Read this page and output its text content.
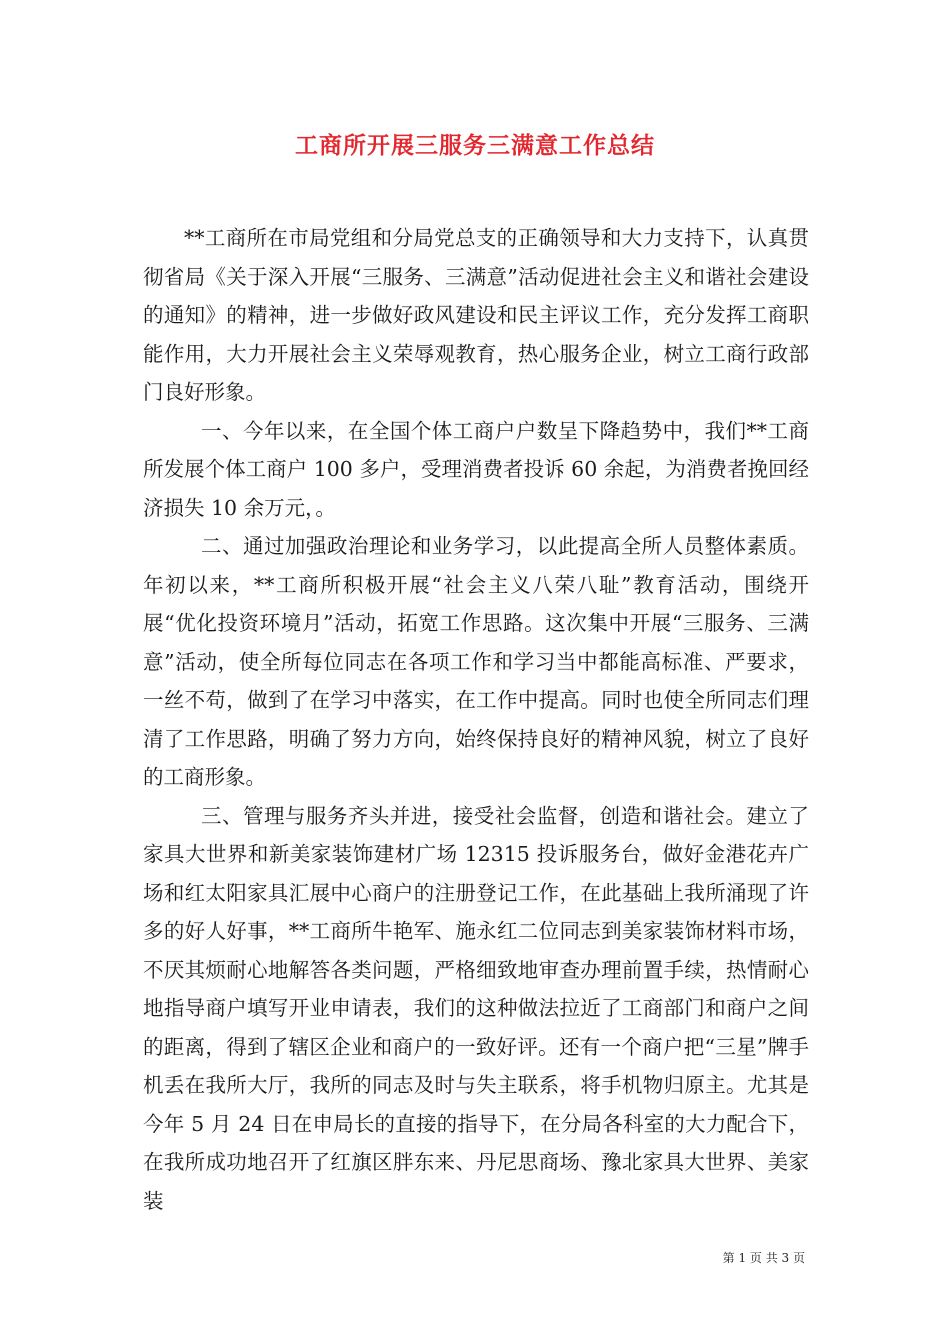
工商所开展三服务三满意工作总结

**工商所在市局党组和分局党总支的正确领导和大力支持下，认真贯彻省局《关于深入开展“三服务、三满意”活动促进社会主义和谐社会建设的通知》的精神，进一步做好政风建设和民主评议工作，充分发挥工商职能作用，大力开展社会主义荣辱观教育，热心服务企业，树立工商行政部门良好形象。

一、今年以来，在全国个体工商户户数呈下降趋势中，我们**工商所发展个体工商户 100 多户，受理消费者投诉 60 余起，为消费者挽回经济损失 10 余万元，。

二、通过加强政治理论和业务学习，以此提高全所人员整体素质。年初以来，**工商所积极开展“社会主义八荣八耻”教育活动，围绕开展“优化投资环境月”活动，拓宽工作思路。这次集中开展“三服务、三满意”活动，使全所每位同志在各项工作和学习当中都能高标准、严要求，一丝不苟，做到了在学习中落实，在工作中提高。同时也使全所同志们理清了工作思路，明确了努力方向，始终保持良好的精神风貌，树立了良好的工商形象。

三、管理与服务齐头并进，接受社会监督，创造和谐社会。建立了家具大世界和新美家装饰建材广场 12315 投诉服务台，做好金港花卉广场和红太阳家具汇展中心商户的注册登记工作，在此基础上我所涌现了许多的好人好事，**工商所牛艳军、施永红二位同志到美家装饰材料市场，不厌其烦耐心地解答各类问题，严格细致地审查办理前置手续，热情耐心地指导商户填写开业申请表，我们的这种做法拉近了工商部门和商户之间的距离，得到了辖区企业和商户的一致好评。还有一个商户把“三星”牌手机丢在我所大厅，我所的同志及时与失主联系，将手机物归原主。尤其是今年 5 月 24 日在申局长的直接的指导下，在分局各科室的大力配合下，在我所成功地召开了红旗区胖东来、丹尼思商场、豫北家具大世界、美家装

第 1 页 共 3 页
